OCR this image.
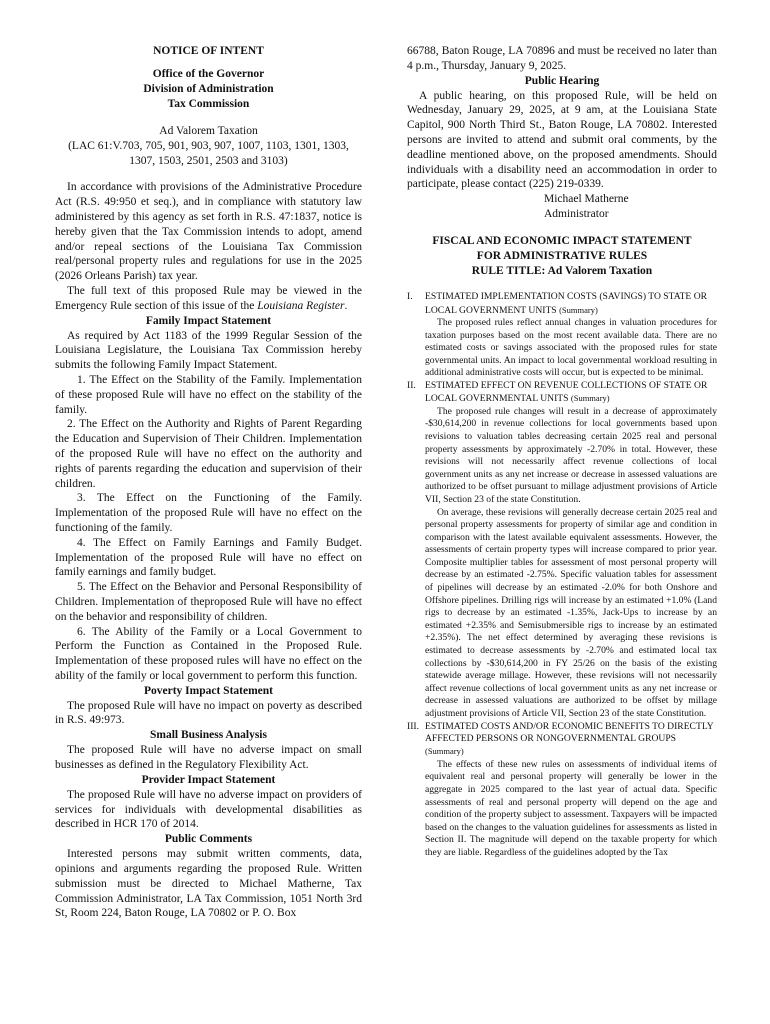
NOTICE OF INTENT
Office of the Governor
Division of Administration
Tax Commission
Ad Valorem Taxation
(LAC 61:V.703, 705, 901, 903, 907, 1007, 1103, 1301, 1303, 1307, 1503, 2501, 2503 and 3103)

In accordance with provisions of the Administrative Procedure Act (R.S. 49:950 et seq.), and in compliance with statutory law administered by this agency as set forth in R.S. 47:1837, notice is hereby given that the Tax Commission intends to adopt, amend and/or repeal sections of the Louisiana Tax Commission real/personal property rules and regulations for use in the 2025 (2026 Orleans Parish) tax year.

The full text of this proposed Rule may be viewed in the Emergency Rule section of this issue of the Louisiana Register.

Family Impact Statement

As required by Act 1183 of the 1999 Regular Session of the Louisiana Legislature, the Louisiana Tax Commission hereby submits the following Family Impact Statement.

1. The Effect on the Stability of the Family. Implementation of these proposed Rule will have no effect on the stability of the family.

2. The Effect on the Authority and Rights of Parent Regarding the Education and Supervision of Their Children. Implementation of the proposed Rule will have no effect on the authority and rights of parents regarding the education and supervision of their children.

3. The Effect on the Functioning of the Family. Implementation of the proposed Rule will have no effect on the functioning of the family.

4. The Effect on Family Earnings and Family Budget. Implementation of the proposed Rule will have no effect on family earnings and family budget.

5. The Effect on the Behavior and Personal Responsibility of Children. Implementation of theproposed Rule will have no effect on the behavior and responsibility of children.

6. The Ability of the Family or a Local Government to Perform the Function as Contained in the Proposed Rule. Implementation of these proposed rules will have no effect on the ability of the family or local government to perform this function.

Poverty Impact Statement

The proposed Rule will have no impact on poverty as described in R.S. 49:973.

Small Business Analysis

The proposed Rule will have no adverse impact on small businesses as defined in the Regulatory Flexibility Act.

Provider Impact Statement

The proposed Rule will have no adverse impact on providers of services for individuals with developmental disabilities as described in HCR 170 of 2014.

Public Comments

Interested persons may submit written comments, data, opinions and arguments regarding the proposed Rule. Written submission must be directed to Michael Matherne, Tax Commission Administrator, LA Tax Commission, 1051 North 3rd St, Room 224, Baton Rouge, LA 70802 or P. O. Box

66788, Baton Rouge, LA 70896 and must be received no later than 4 p.m., Thursday, January 9, 2025.

Public Hearing

A public hearing, on this proposed Rule, will be held on Wednesday, January 29, 2025, at 9 am, at the Louisiana State Capitol, 900 North Third St., Baton Rouge, LA 70802. Interested persons are invited to attend and submit oral comments, by the deadline mentioned above, on the proposed amendments. Should individuals with a disability need an accommodation in order to participate, please contact (225) 219-0339.

Michael Matherne
Administrator
FISCAL AND ECONOMIC IMPACT STATEMENT
FOR ADMINISTRATIVE RULES
RULE TITLE: Ad Valorem Taxation
I.	ESTIMATED IMPLEMENTATION COSTS (SAVINGS) TO STATE OR LOCAL GOVERNMENT UNITS (Summary)

The proposed rules reflect annual changes in valuation procedures for taxation purposes based on the most recent available data. There are no estimated costs or savings associated with the proposed rules for state governmental units. An impact to local governmental workload resulting in additional administrative costs will occur, but is expected to be minimal.

II. ESTIMATED EFFECT ON REVENUE COLLECTIONS OF STATE OR LOCAL GOVERNMENTAL UNITS (Summary)

The proposed rule changes will result in a decrease of approximately -$30,614,200 in revenue collections for local governments based upon revisions to valuation tables decreasing certain 2025 real and personal property assessments by approximately -2.70% in total. However, these revisions will not necessarily affect revenue collections of local government units as any net increase or decrease in assessed valuations are authorized to be offset pursuant to millage adjustment provisions of Article VII, Section 23 of the state Constitution.

On average, these revisions will generally decrease certain 2025 real and personal property assessments for property of similar age and condition in comparison with the latest available equivalent assessments. However, the assessments of certain property types will increase compared to prior year. Composite multiplier tables for assessment of most personal property will decrease by an estimated -2.75%. Specific valuation tables for assessment of pipelines will decrease by an estimated -2.0% for both Onshore and Offshore pipelines. Drilling rigs will increase by an estimated +1.0% (Land rigs to decrease by an estimated -1.35%, Jack-Ups to increase by an estimated +2.35% and Semisubmersible rigs to increase by an estimated +2.35%). The net effect determined by averaging these revisions is estimated to decrease assessments by -2.70% and estimated local tax collections by -$30,614,200 in FY 25/26 on the basis of the existing statewide average millage. However, these revisions will not necessarily affect revenue collections of local government units as any net increase or decrease in assessed valuations are authorized to be offset by millage adjustment provisions of Article VII, Section 23 of the state Constitution.

III. ESTIMATED COSTS AND/OR ECONOMIC BENEFITS TO DIRECTLY AFFECTED PERSONS OR NONGOVERNMENTAL GROUPS (Summary)

The effects of these new rules on assessments of individual items of equivalent real and personal property will generally be lower in the aggregate in 2025 compared to the last year of actual data. Specific assessments of real and personal property will depend on the age and condition of the property subject to assessment. Taxpayers will be impacted based on the changes to the valuation guidelines for assessments as listed in Section II. The magnitude will depend on the taxable property for which they are liable. Regardless of the guidelines adopted by the Tax
